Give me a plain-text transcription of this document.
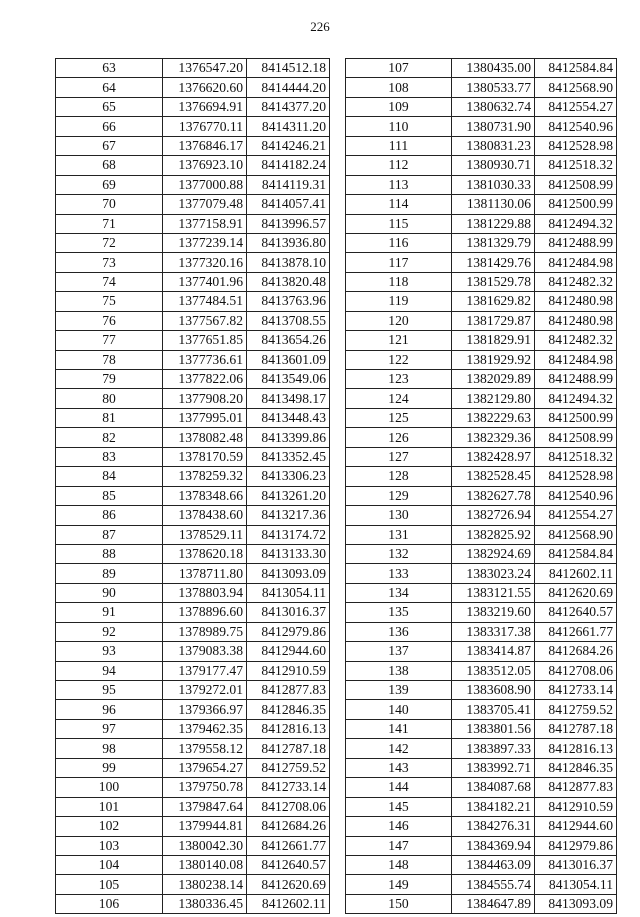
226
63	1376547.20	8414512.18
64	1376620.60	8414444.20
65	1376694.91	8414377.20
66	1376770.11	8414311.20
67	1376846.17	8414246.21
68	1376923.10	8414182.24
69	1377000.88	8414119.31
70	1377079.48	8414057.41
71	1377158.91	8413996.57
72	1377239.14	8413936.80
73	1377320.16	8413878.10
74	1377401.96	8413820.48
75	1377484.51	8413763.96
76	1377567.82	8413708.55
77	1377651.85	8413654.26
78	1377736.61	8413601.09
79	1377822.06	8413549.06
80	1377908.20	8413498.17
81	1377995.01	8413448.43
82	1378082.48	8413399.86
83	1378170.59	8413352.45
84	1378259.32	8413306.23
85	1378348.66	8413261.20
86	1378438.60	8413217.36
87	1378529.11	8413174.72
88	1378620.18	8413133.30
89	1378711.80	8413093.09
90	1378803.94	8413054.11
91	1378896.60	8413016.37
92	1378989.75	8412979.86
93	1379083.38	8412944.60
94	1379177.47	8412910.59
95	1379272.01	8412877.83
96	1379366.97	8412846.35
97	1379462.35	8412816.13
98	1379558.12	8412787.18
99	1379654.27	8412759.52
100	1379750.78	8412733.14
101	1379847.64	8412708.06
102	1379944.81	8412684.26
103	1380042.30	8412661.77
104	1380140.08	8412640.57
105	1380238.14	8412620.69
106	1380336.45	8412602.11
107	1380435.00	8412584.84
108	1380533.77	8412568.90
109	1380632.74	8412554.27
110	1380731.90	8412540.96
111	1380831.23	8412528.98
112	1380930.71	8412518.32
113	1381030.33	8412508.99
114	1381130.06	8412500.99
115	1381229.88	8412494.32
116	1381329.79	8412488.99
117	1381429.76	8412484.98
118	1381529.78	8412482.32
119	1381629.82	8412480.98
120	1381729.87	8412480.98
121	1381829.91	8412482.32
122	1381929.92	8412484.98
123	1382029.89	8412488.99
124	1382129.80	8412494.32
125	1382229.63	8412500.99
126	1382329.36	8412508.99
127	1382428.97	8412518.32
128	1382528.45	8412528.98
129	1382627.78	8412540.96
130	1382726.94	8412554.27
131	1382825.92	8412568.90
132	1382924.69	8412584.84
133	1383023.24	8412602.11
134	1383121.55	8412620.69
135	1383219.60	8412640.57
136	1383317.38	8412661.77
137	1383414.87	8412684.26
138	1383512.05	8412708.06
139	1383608.90	8412733.14
140	1383705.41	8412759.52
141	1383801.56	8412787.18
142	1383897.33	8412816.13
143	1383992.71	8412846.35
144	1384087.68	8412877.83
145	1384182.21	8412910.59
146	1384276.31	8412944.60
147	1384369.94	8412979.86
148	1384463.09	8413016.37
149	1384555.74	8413054.11
150	1384647.89	8413093.09
